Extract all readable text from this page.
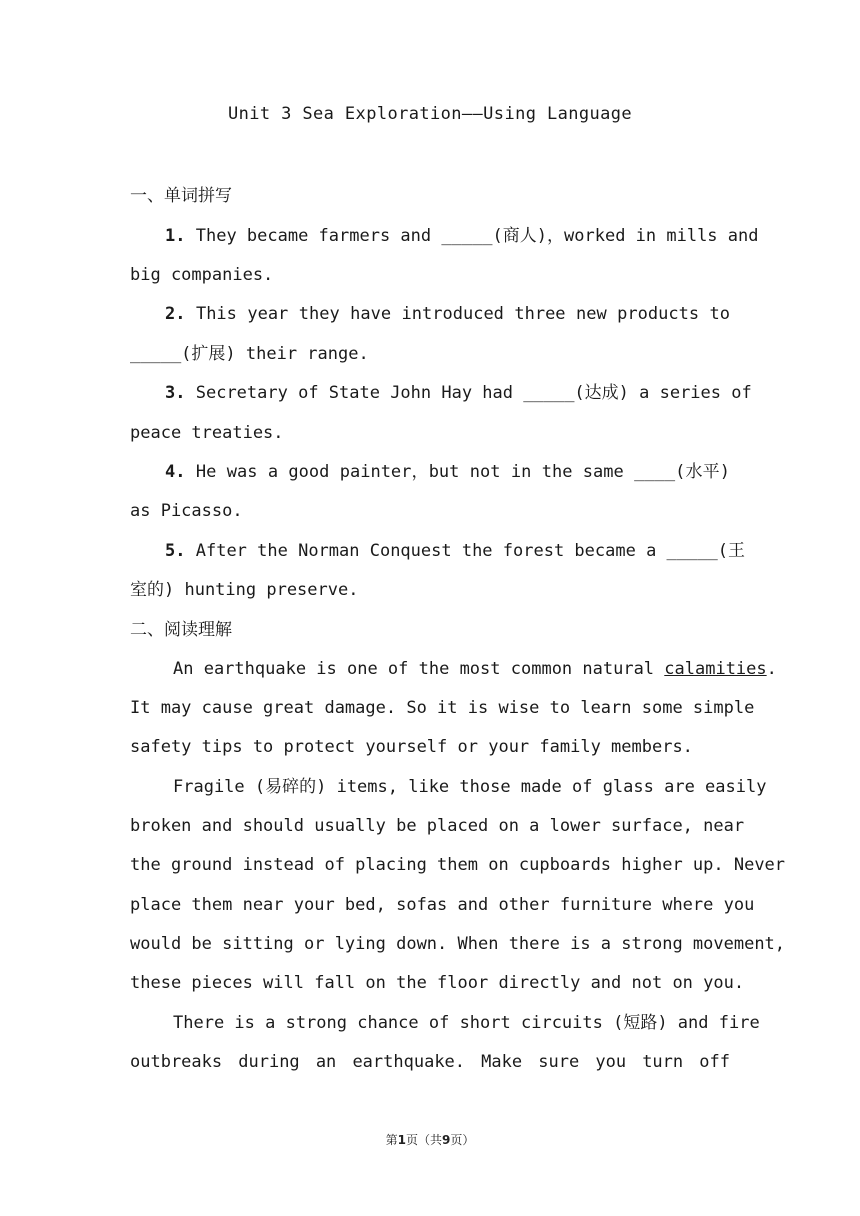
Unit 3 Sea Exploration——Using Language
一、单词拼写
1. They became farmers and _____(商人)，worked in mills and
big companies.
2. This year they have introduced three new products to
_____(扩展) their range.
3. Secretary of State John Hay had _____(达成) a series of
peace treaties.
4. He was a good painter，but not in the same ____(水平)
as Picasso.
5. After the Norman Conquest the forest became a _____(王
室的) hunting preserve.
二、阅读理解
An earthquake is one of the most common natural calamities.
It may cause great damage. So it is wise to learn some simple
safety tips to protect yourself or your family members.
Fragile (易碎的) items, like those made of glass are easily
broken and should usually be placed on a lower surface, near
the ground instead of placing them on cupboards higher up. Never
place them near your bed, sofas and other furniture where you
would be sitting or lying down. When there is a strong movement,
these pieces will fall on the floor directly and not on you.
There is a strong chance of short circuits (短路) and fire
outbreaks during an earthquake. Make sure you turn off
第1页（共9页）
